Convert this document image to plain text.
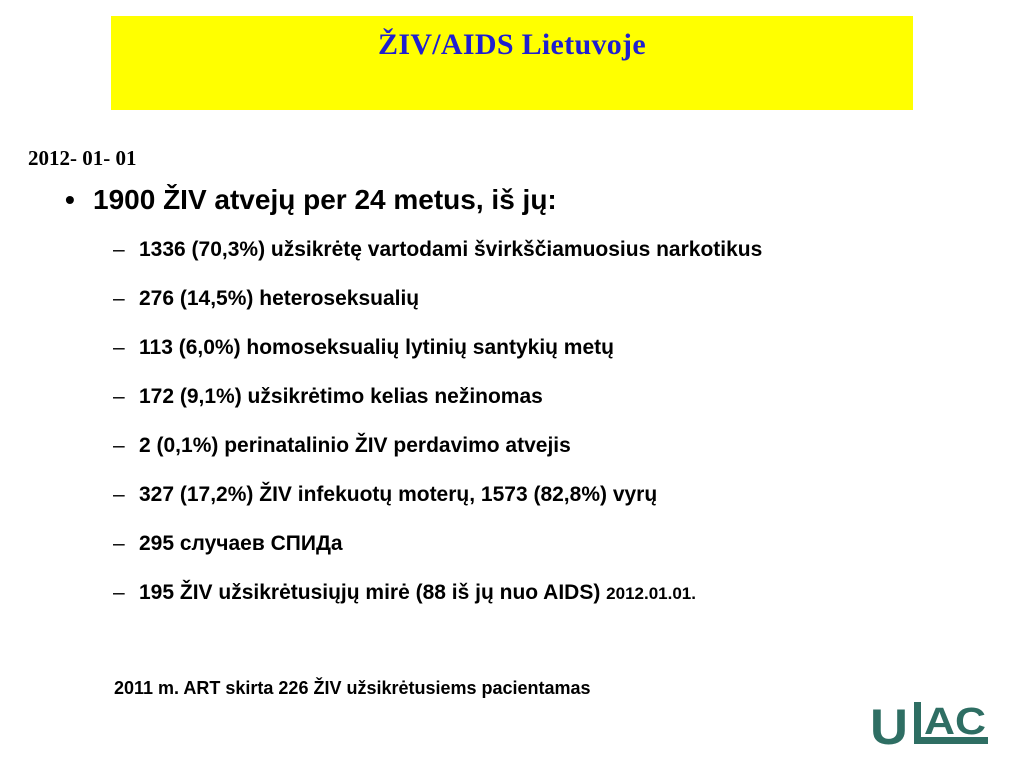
ŽIV/AIDS Lietuvoje
2012- 01- 01
• 1900 ŽIV atvejų per 24 metus, iš jų:
– 1336 (70,3%) užsikrėtę vartodami švirkščiamuosius narkotikus
– 276 (14,5%) heteroseksualių
– 113 (6,0%) homoseksualių lytinių santykių metų
– 172 (9,1%) užsikrėtimo kelias nežinomas
– 2 (0,1%) perinatalinio ŽIV perdavimo atvejis
– 327 (17,2%) ŽIV infekuotų moterų, 1573 (82,8%) vyrų
– 295 случаев СПИДа
– 195 ŽIV užsikrėtusiųjų mirė (88 iš jų nuo AIDS) 2012.01.01.
2011 m. ART skirta 226 ŽIV užsikrėtusiems pacientamas
U AC
